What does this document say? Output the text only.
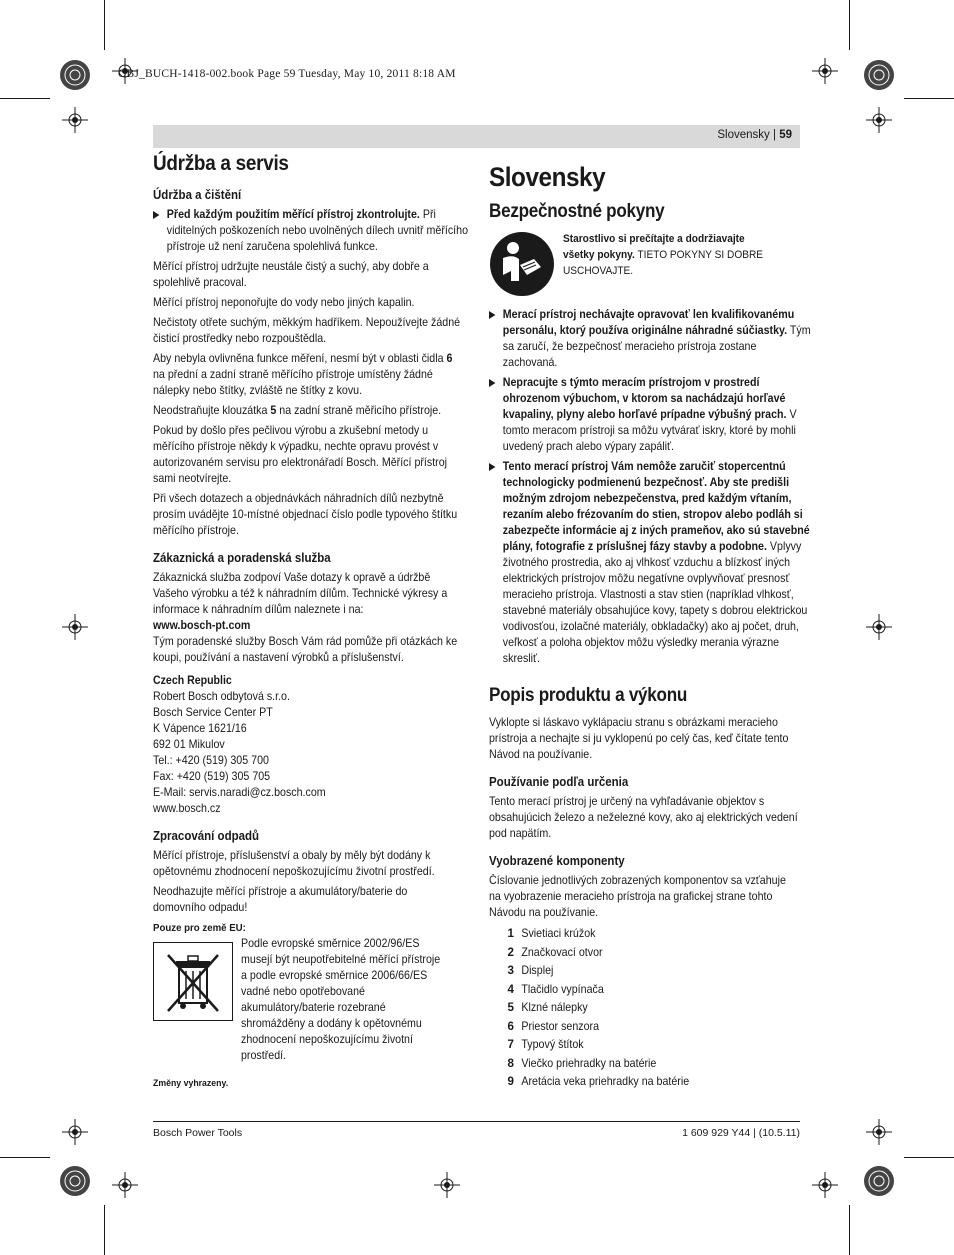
OBJ_BUCH-1418-002.book Page 59 Tuesday, May 10, 2011 8:18 AM
Slovensky | 59
Údržba a servis
Údržba a čištění

Před každým použitím měřící přístroj zkontrolujte. Při viditelných poškozeních nebo uvolněných dílech uvnitř měřícího přístroje už není zaručena spolehlivá funkce.

Měřící přístroj udržujte neustále čistý a suchý, aby dobře a spolehlivě pracoval.

Měřící přístroj neponořujte do vody nebo jiných kapalin.

Nečistoty otřete suchým, měkkým hadříkem. Nepoužívejte žádné čisticí prostředky nebo rozpouštědla.

Aby nebyla ovlivněna funkce měření, nesmí být v oblasti čidla 6 na přední a zadní straně měřícího přístroje umístěny žádné nálepky nebo štítky, zvláště ne štítky z kovu.

Neodstraňujte klouzátka 5 na zadní straně měřicího přístroje.

Pokud by došlo přes pečlivou výrobu a zkušební metody u měřícího přístroje někdy k výpadku, nechte opravu provést v autorizovaném servisu pro elektronářadí Bosch. Měřící přístroj sami neotvírejte.

Při všech dotazech a objednávkách náhradních dílů nezbytně prosím uvádějte 10-místné objednací číslo podle typového štítku měřícího přístroje.

Zákaznická a poradenská služba

Zákaznická služba zodpoví Vaše dotazy k opravě a údržbě Vašeho výrobku a též k náhradním dílům. Technické výkresy a informace k náhradním dílům naleznete i na:

www.bosch-pt.com

Tým poradenské služby Bosch Vám rád pomůže při otázkách ke koupi, používání a nastavení výrobků a příslušenství.

Czech Republic

Robert Bosch odbytová s.r.o.

Bosch Service Center PT

K Vápence 1621/16

692 01 Mikulov

Tel.: +420 (519) 305 700

Fax: +420 (519) 305 705

E-Mail: servis.naradi@cz.bosch.com

www.bosch.cz

Zpracování odpadů

Měřící přístroje, příslušenství a obaly by měly být dodány k opětovnému zhodnocení nepoškozujícímu životní prostředí.

Neodhazujte měřící přístroje a akumulátory/baterie do domovního odpadu!

Pouze pro země EU:

Podle evropské směrnice 2002/96/ES musejí být neupotřebitelné měřící přístroje a podle evropské směrnice 2006/66/ES vadné nebo opotřebované akumulátory/baterie rozebrané shromážděny a dodány k opětovnému zhodnocení nepoškozujícímu životní prostředí.

Změny vyhrazeny.

Slovensky
Bezpečnostné pokyny

Starostlivo si prečítajte a dodržiavajte všetky pokyny. TIETO POKYNY SI DOBRE USCHOVAJTE.

Merací prístroj nechávajte opravovať len kvalifikovanému personálu, ktorý používa originálne náhradné súčiastky. Tým sa zaručí, že bezpečnosť meracieho prístroja zostane zachovaná.

Nepracujte s týmto meracím prístrojom v prostredí ohrozenom výbuchom, v ktorom sa nachádzajú horľavé kvapaliny, plyny alebo horľavé prípadne výbušný prach. V tomto meracom prístroji sa môžu vytvárať iskry, ktoré by mohli uvedený prach alebo výpary zapáliť.

Tento merací prístroj Vám nemôže zaručiť stopercentnú technologicky podmienenú bezpečnosť. Aby ste predišli možným zdrojom nebezpečenstva, pred každým vŕtaním, rezaním alebo frézovaním do stien, stropov alebo podláh si zabezpečte informácie aj z iných prameňov, ako sú stavebné plány, fotografie z príslušnej fázy stavby a podobne. Vplyvy životného prostredia, ako aj vlhkosť vzduchu a blízkosť iných elektrických prístrojov môžu negatívne ovplyvňovať presnosť meracieho prístroja. Vlastnosti a stav stien (napríklad vlhkosť, stavebné materiály obsahujúce kovy, tapety s dobrou elektrickou vodivosťou, izolačné materiály, obkladačky) ako aj počet, druh, veľkosť a poloha objektov môžu výsledky merania výrazne skresliť.

Popis produktu a výkonu

Vyklopte si láskavo vyklápaciu stranu s obrázkami meracieho prístroja a nechajte si ju vyklopenú po celý čas, keď čítate tento Návod na používanie.

Používanie podľa určenia

Tento merací prístroj je určený na vyhľadávanie objektov s obsahujúcich železo a neželezné kovy, ako aj elektrických vedení pod napätím.

Vyobrazené komponenty

Číslovanie jednotlivých zobrazených komponentov sa vzťahuje na vyobrazenie meracieho prístroja na grafickej strane tohto Návodu na používanie.

1 Svietiaci krúžok
2 Značkovací otvor
3 Displej
4 Tlačidlo vypínača
5 Klzné nálepky
6 Priestor senzora
7 Typový štítok
8 Viečko priehradky na batérie
9 Aretácia veka priehradky na batérie
Bosch Power Tools	1 609 929 Y44 | (10.5.11)
